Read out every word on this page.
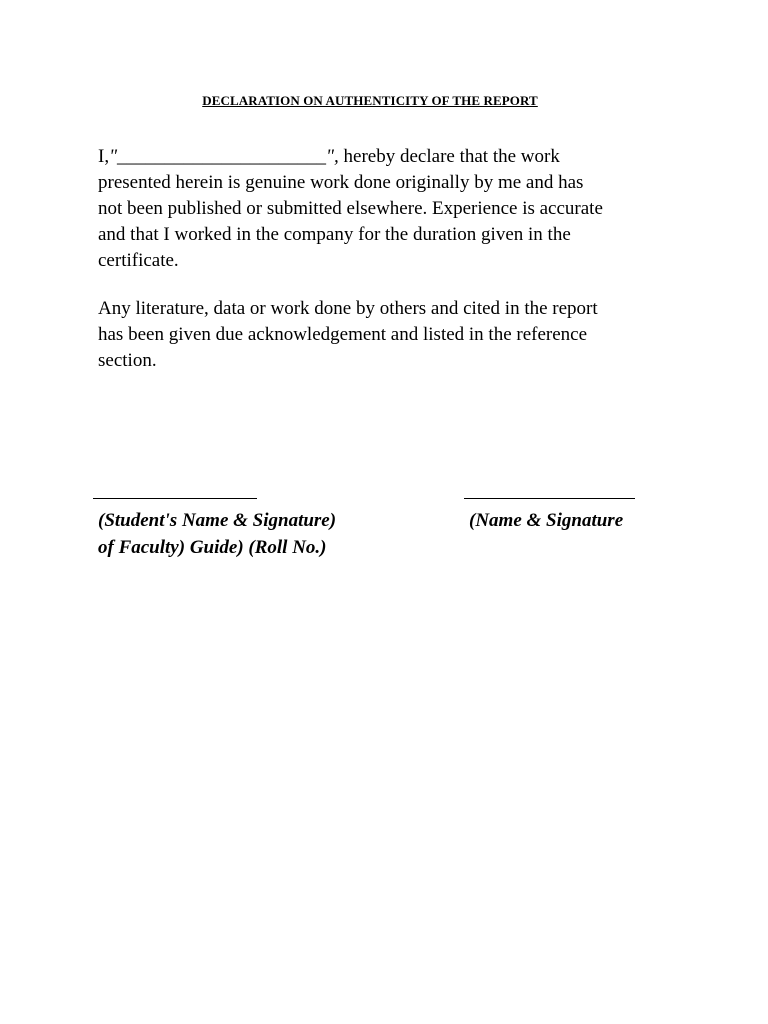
DECLARATION ON AUTHENTICITY OF THE REPORT
I,"______________________", hereby declare that the work
presented herein is genuine work done originally by me and has
not been published or submitted elsewhere. Experience is accurate
and that I worked in the company for the duration given in the
certificate.
Any literature, data or work done by others and cited in the report
has been given due acknowledgement and listed in the reference
section.
(Student's Name & Signature)	(Name & Signature
of Faculty) Guide) (Roll No.)
